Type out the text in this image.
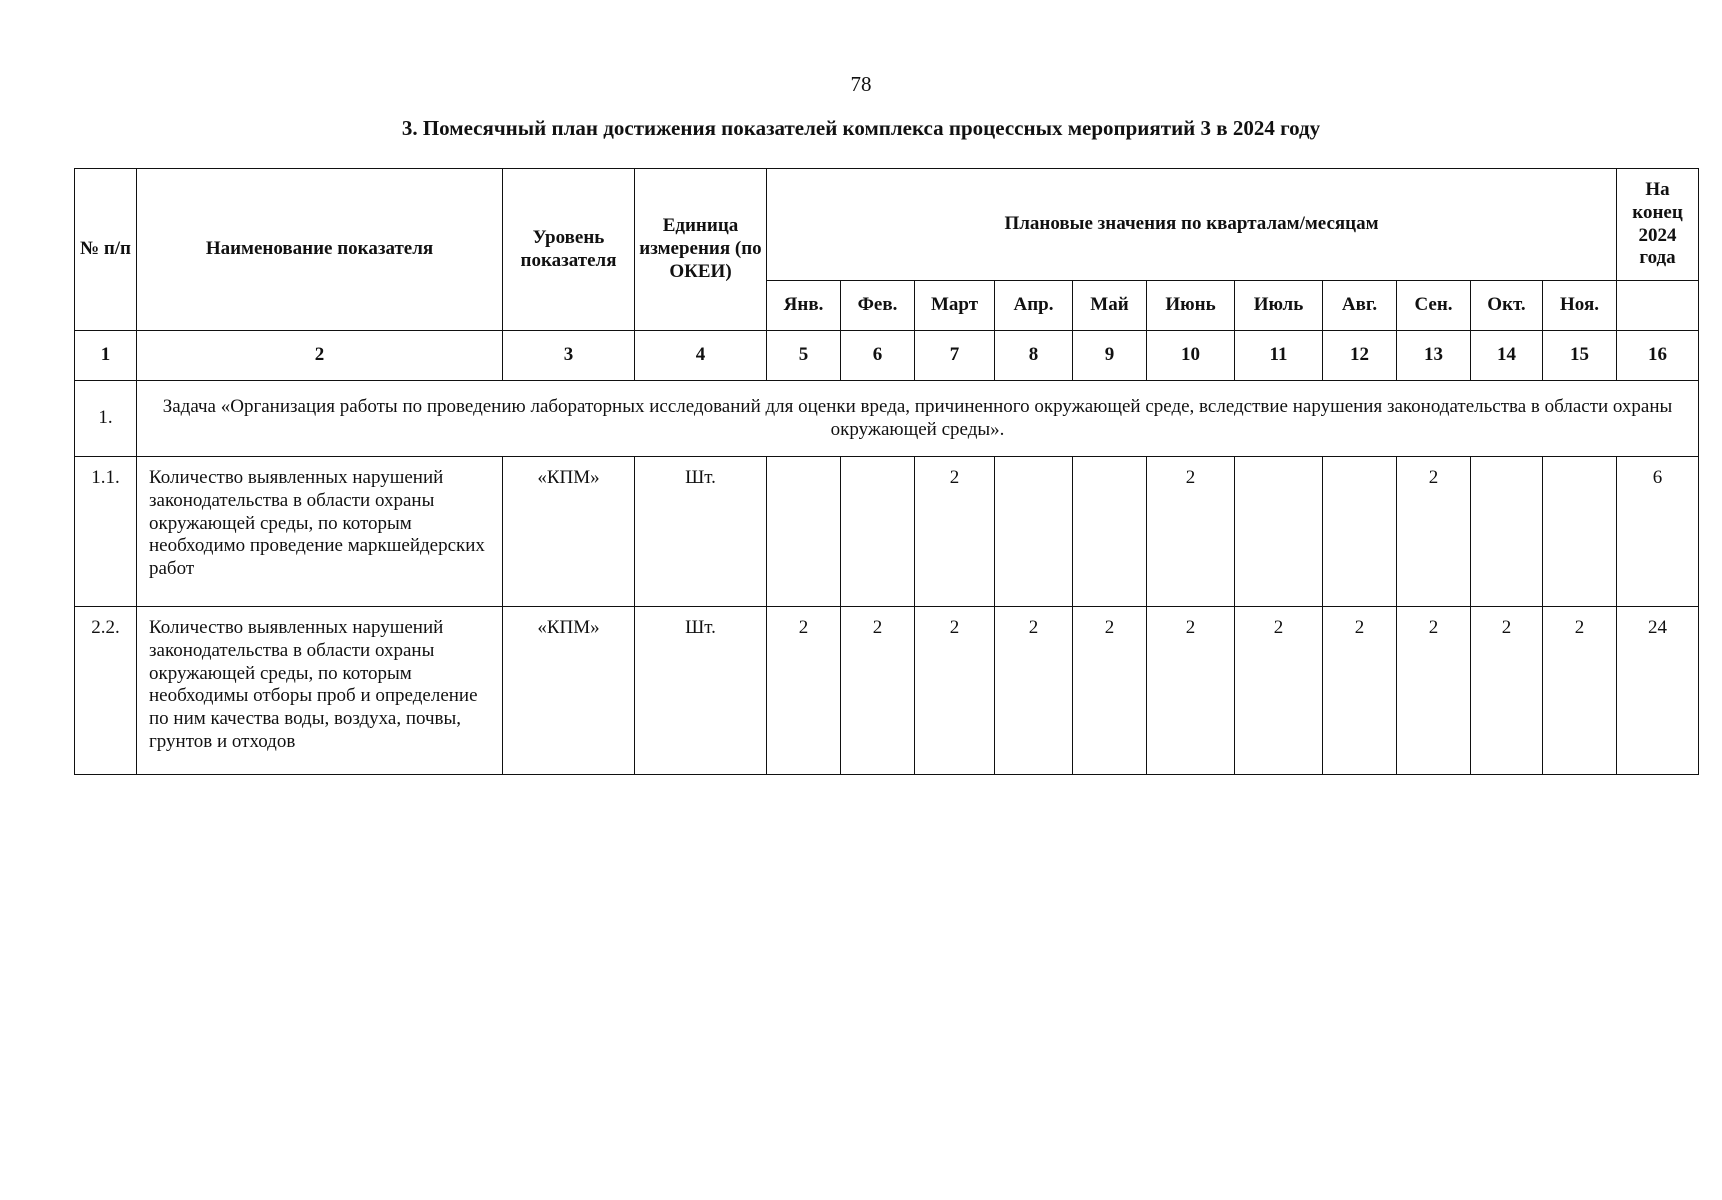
78
3. Помесячный план достижения показателей комплекса процессных мероприятий 3 в 2024 году
№ п/п	Наименование показателя	Уровень показателя	Единица измерения (по ОКЕИ)	Плановые значения по кварталам/месяцам											На конец 2024 года
				Янв.	Фев.	Март	Апр.	Май	Июнь	Июль	Авг.	Сен.	Окт.	Ноя.	
1	2	3	4	5	6	7	8	9	10	11	12	13	14	15	16
1.	Задача «Организация работы по проведению лабораторных исследований для оценки вреда, причиненного окружающей среде, вследствие нарушения законодательства в области охраны окружающей среды».														
1.1.	Количество выявленных нарушений законодательства в области охраны окружающей среды, по которым необходимо проведение маркшейдерских работ	«КПМ»	Шт.			2			2			2			6
2.2.	Количество выявленных нарушений законодательства в области охраны окружающей среды, по которым необходимы отборы проб и определение по ним качества воды, воздуха, почвы, грунтов и отходов	«КПМ»	Шт.	2	2	2	2	2	2	2	2	2	2	2	24
